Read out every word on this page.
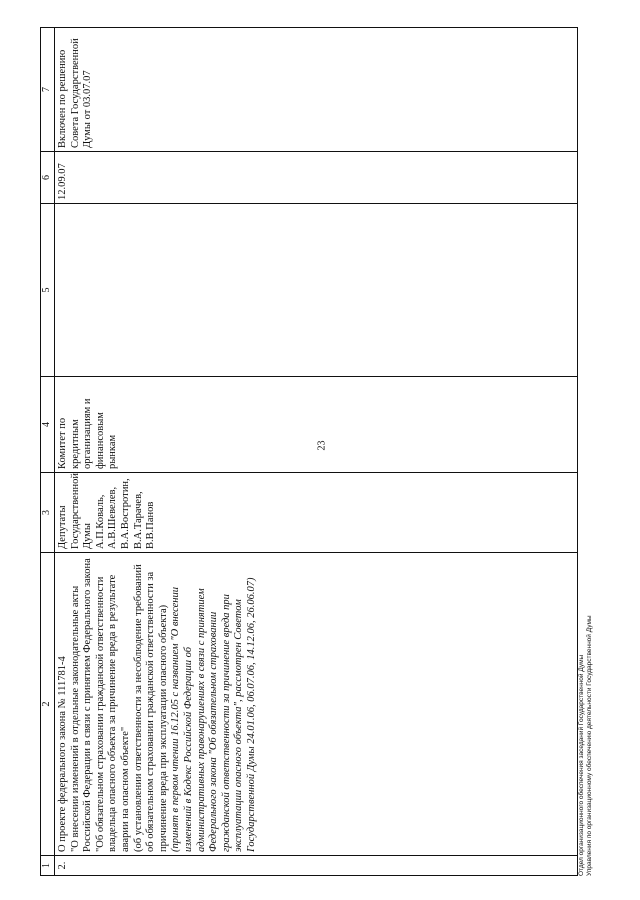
23
1	2	3	4	5	6	7
2.	О проекте федерального закона № 111781-4 "О внесении изменений в отдельные законодательные акты Российской Федерации в связи с принятием Федерального закона "Об обязательном страховании гражданской ответственности владельца опасного объекта за причинение вреда в результате аварии на опасном объекте" (об установлении ответственности за несоблюдение требований об обязательном страховании гражданской ответственности за причинение вреда при эксплуатации опасного объекта) (принят в первом чтении 16.12.05 с названием "О внесении изменений в Кодекс Российской Федерации об административных правонарушениях в связи с принятием Федерального закона "Об обязательном страховании гражданской ответственности за причинение вреда при эксплуатации опасного объекта", рассмотрен Советом Государственной Думы 24.01.06, 06.07.06, 14.12.06, 26.06.07)	Депутаты Государственной Думы А.П.Коваль, А.В.Шевелев, В.А.Вострoтин, В.А.Тарачев, В.В.Панов	Комитет по кредитным организациям и финансовым рынкам		12.09.07	Включен по решению Совета Государственной Думы от 03.07.07

Отдел организационного обеспечения заседаний Государственной Думы Управления по организационному обеспечению деятельности Государственной Думы
